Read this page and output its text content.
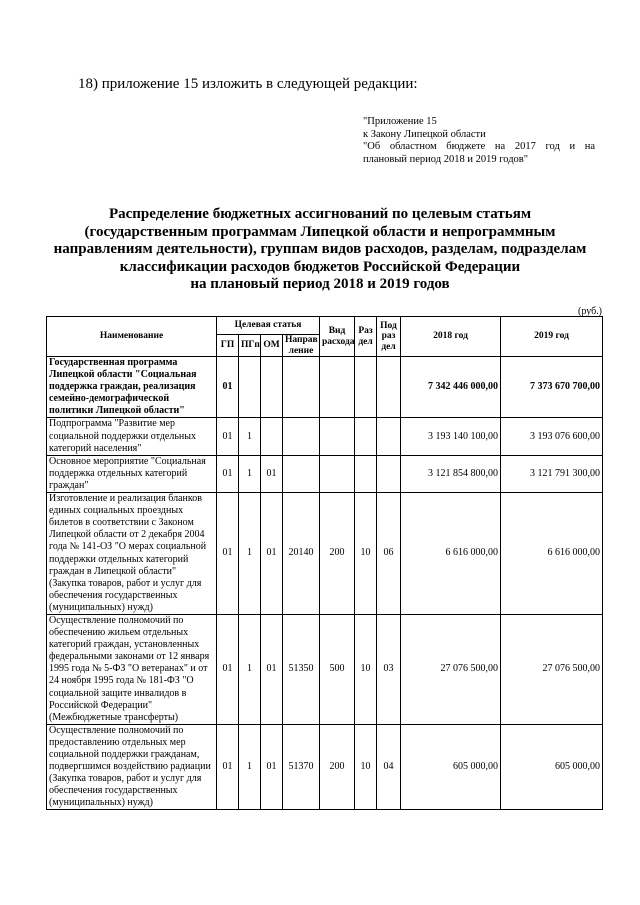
18) приложение 15 изложить в следующей редакции:
"Приложение 15
к Закону Липецкой области
"Об областном бюджете на 2017 год и на
плановый период 2018 и 2019 годов"
Распределение бюджетных ассигнований по целевым статьям
(государственным программам Липецкой области и непрограммным
направлениям деятельности), группам видов расходов, разделам, подразделам
классификации расходов бюджетов Российской Федерации
на плановый период 2018 и 2019 годов
(руб.)
Наименование	Целевая статья				Вид расхода	Раз дел	Под раз дел	2018 год	2019 год
	ГП	ПГп	ОМ	Направ ление					
Государственная программа Липецкой области "Социальная поддержка граждан, реализация семейно-демографической политики Липецкой области"	01							7 342 446 000,00	7 373 670 700,00
Подпрограмма "Развитие мер социальной поддержки отдельных категорий населения"	01	1						3 193 140 100,00	3 193 076 600,00
Основное мероприятие "Социальная поддержка отдельных категорий граждан"	01	1	01					3 121 854 800,00	3 121 791 300,00
Изготовление и реализация бланков единых социальных проездных билетов в соответствии с Законом Липецкой области от 2 декабря 2004 года № 141-ОЗ "О мерах социальной поддержки отдельных категорий граждан в Липецкой области" (Закупка товаров, работ и услуг для обеспечения государственных (муниципальных) нужд)	01	1	01	20140	200	10	06	6 616 000,00	6 616 000,00
Осуществление полномочий по обеспечению жильем отдельных категорий граждан, установленных федеральными законами от 12 января 1995 года № 5-ФЗ "О ветеранах" и от 24 ноября 1995 года № 181-ФЗ "О социальной защите инвалидов в Российской Федерации" (Межбюджетные трансферты)	01	1	01	51350	500	10	03	27 076 500,00	27 076 500,00
Осуществление полномочий по предоставлению отдельных мер социальной поддержки гражданам, подвергшимся воздействию радиации (Закупка товаров, работ и услуг для обеспечения государственных (муниципальных) нужд)	01	1	01	51370	200	10	04	605 000,00	605 000,00
